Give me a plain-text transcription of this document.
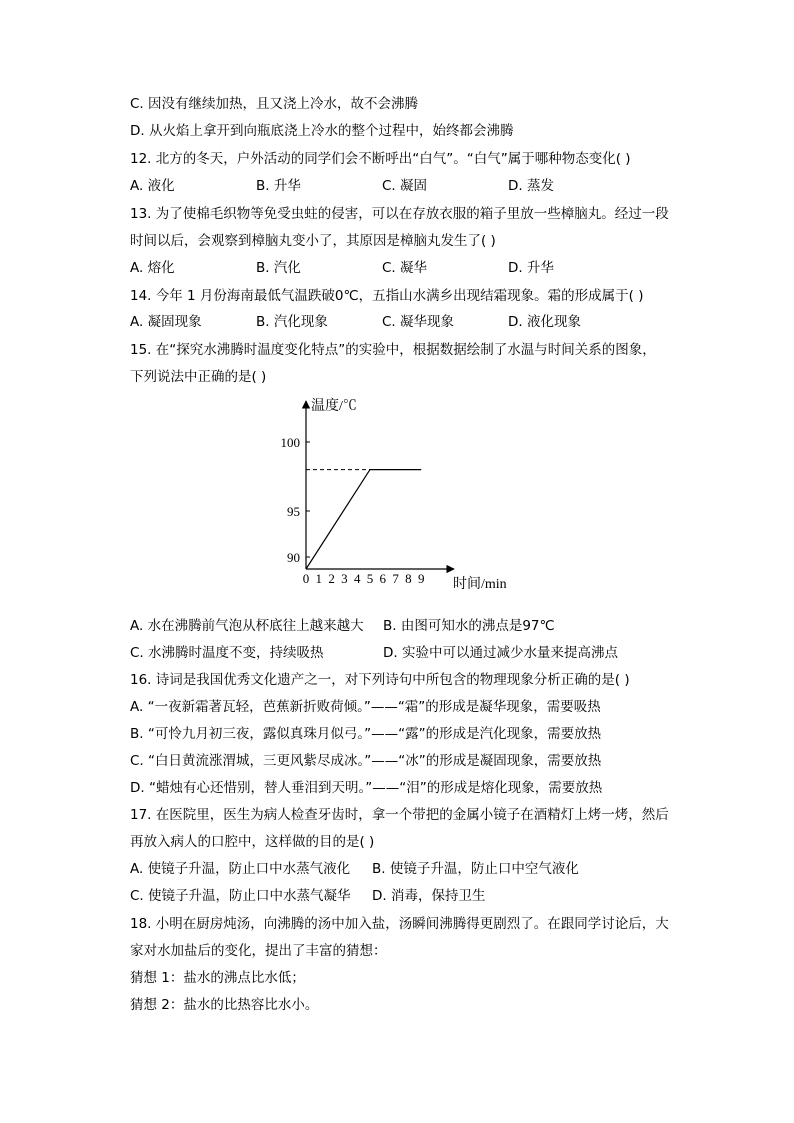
C. 因没有继续加热，且又浇上冷水，故不会沸腾
D. 从火焰上拿开到向瓶底浇上冷水的整个过程中，始终都会沸腾
12. 北方的冬天，户外活动的同学们会不断呼出“白气”。“白气”属于哪种物态变化( )
A. 液化	B. 升华	C. 凝固	D. 蒸发
13. 为了使棉毛织物等免受虫蛀的侵害，可以在存放衣服的箱子里放一些樟脑丸。经过一段
时间以后，会观察到樟脑丸变小了，其原因是樟脑丸发生了( )
A. 熔化	B. 汽化	C. 凝华	D. 升华
14. 今年 1 月份海南最低气温跌破0℃，五指山水满乡出现结霜现象。霜的形成属于( )
A. 凝固现象	B. 汽化现象	C. 凝华现象	D. 液化现象
15. 在“探究水沸腾时温度变化特点”的实验中，根据数据绘制了水温与时间关系的图象，
下列说法中正确的是( )
温度/℃
时间/min
0 1 2 3 4 5 6 7 8 9
90
95
100
A. 水在沸腾前气泡从杯底往上越来越大 B. 由图可知水的沸点是97℃
C. 水沸腾时温度不变，持续吸热	D. 实验中可以通过减少水量来提高沸点
16. 诗词是我国优秀文化遗产之一，对下列诗句中所包含的物理现象分析正确的是( )
A. “一夜新霜著瓦轻，芭蕉新折败荷倾。”——“霜”的形成是凝华现象，需要吸热
B. “可怜九月初三夜，露似真珠月似弓。”——“露”的形成是汽化现象，需要放热
C. “白日黄流涨渭城，三更风紫尽成冰。”——“冰”的形成是凝固现象，需要放热
D. “蜡烛有心还惜别，替人垂泪到天明。”——“泪”的形成是熔化现象，需要放热
17. 在医院里，医生为病人检查牙齿时，拿一个带把的金属小镜子在酒精灯上烤一烤，然后
再放入病人的口腔中，这样做的目的是( )
A. 使镜子升温，防止口中水蒸气液化 B. 使镜子升温，防止口中空气液化
C. 使镜子升温，防止口中水蒸气凝华 D. 消毒，保持卫生
18. 小明在厨房炖汤，向沸腾的汤中加入盐，汤瞬间沸腾得更剧烈了。在跟同学讨论后，大
家对水加盐后的变化，提出了丰富的猜想：
猜想 1：盐水的沸点比水低；
猜想 2：盐水的比热容比水小。
